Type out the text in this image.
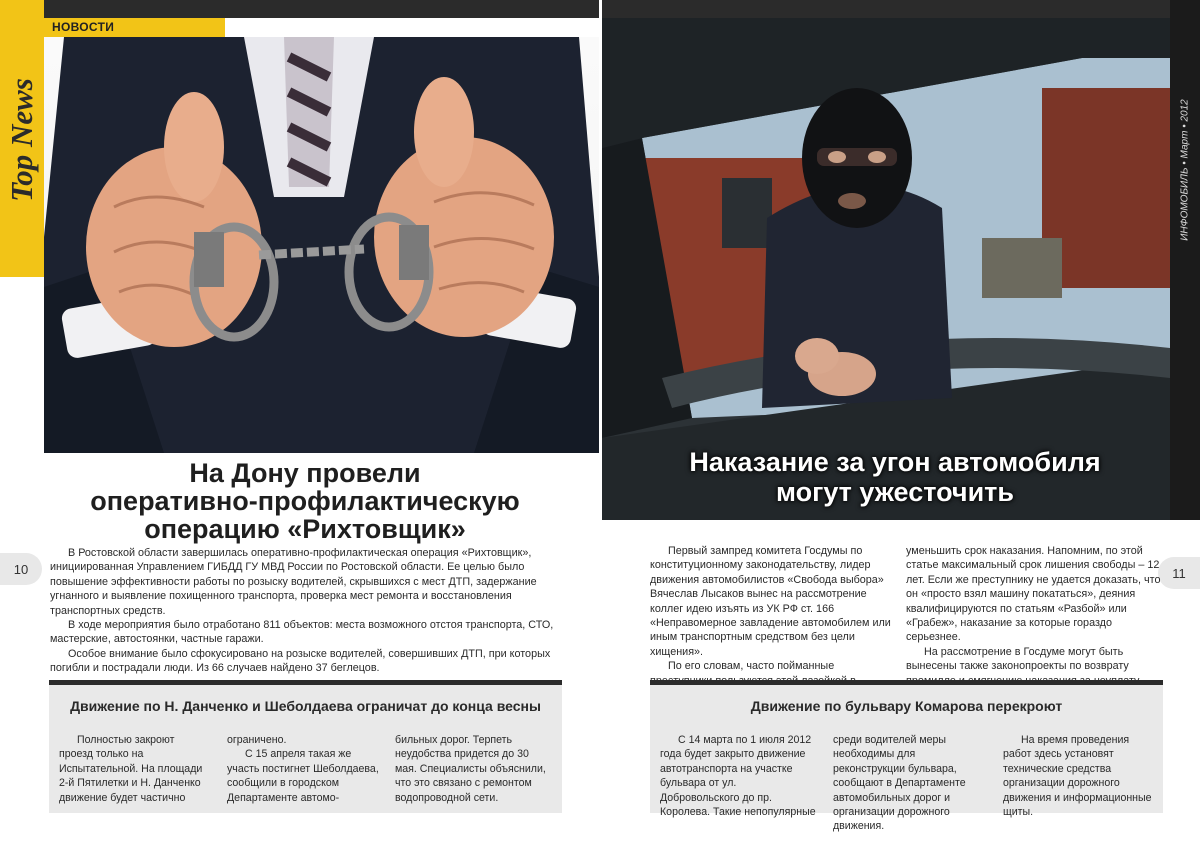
Top News
НОВОСТИ
ИНФОМОБИЛЬ • Март • 2012
На Дону провели
оперативно-профилактическую
операцию «Рихтовщик»
Наказание за угон автомобиля
могут ужесточить
10	11

В Ростовской области завершилась оперативно-профилактическая операция «Рихтовщик», инициированная Управлением ГИБДД ГУ МВД России по Ростовской области. Ее целью было повышение эффективности работы по розыску водителей, скрывшихся с мест ДТП, задержание угнанного и выявление похищенного транспорта, проверка мест ремонта и восстановления транспортных средств.

В ходе мероприятия было отработано 811 объектов: места возможного отстоя транспорта, СТО, мастерские, автостоянки, частные гаражи.

Особое внимание было сфокусировано на розыске водителей, совершивших ДТП, при которых погибли и пострадали люди. Из 66 случаев найдено 37 беглецов.

Первый зампред комитета Госдумы по конституционному законодательству, лидер движения автомобилистов «Свобода выбора» Вячеслав Лысаков вынес на рассмотрение коллег идею изъять из УК РФ ст. 166 «Неправомерное завладение автомобилем или иным транспортным средством без цели хищения».

По его словам, часто пойманные

уменьшить срок наказания. Напомним, по этой статье максимальный срок лишения свободы – 12 лет. Если же преступнику не удается доказать, что он «просто взял машину покататься», деяния квалифицируются по статьям «Разбой» или «Грабеж», наказание за которые гораздо серьезнее.

На рассмотрение в Госдуме могут быть вынесены также законопроекты по возврату

Движение по Н. Данченко и Шеболдаева ограничат до конца весны

Полностью закроют проезд только на Испытательной. На площади 2-й Пятилетки и Н. Данченко движение будет частично

ограничено.

С 15 апреля такая же участь постигнет Шеболдаева, сообщили в городском Департаменте автомо-

бильных дорог. Терпеть неудобства придется до 30 мая. Специалисты объяснили, что это связано с ремонтом водопроводной сети.

Движение по бульвару Комарова перекроют

С 14 марта по 1 июля 2012 года будет закрыто движение автотранспорта на участке бульвара от ул. Добровольского до пр. Королева. Такие непопулярные

среди водителей меры необходимы для реконструкции бульвара, сообщают в Департаменте автомобильных дорог и организации дорожного движения.

На время проведения работ здесь установят технические средства организации дорожного движения и информационные щиты.
